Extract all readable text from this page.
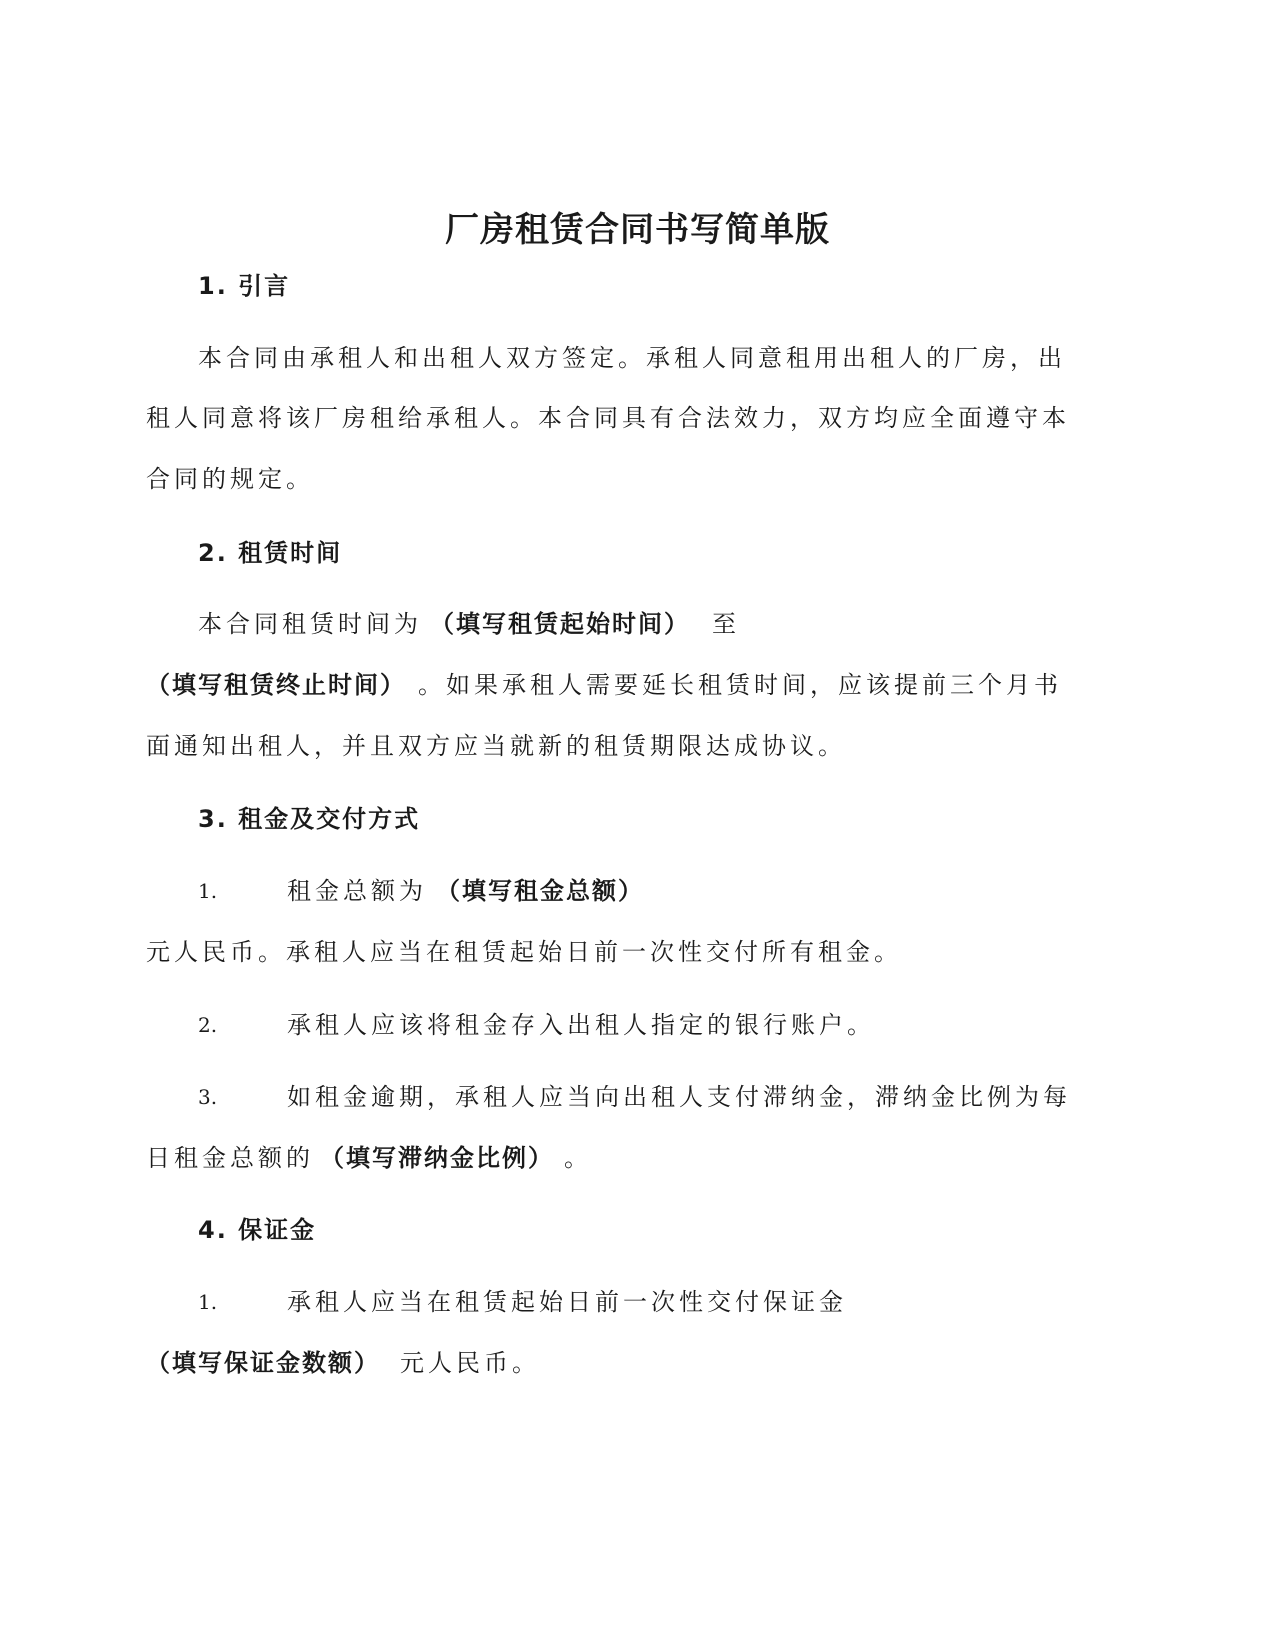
厂房租赁合同书写简单版
1. 引言
本合同由承租人和出租人双方签定。承租人同意租用出租人的厂房，出
租人同意将该厂房租给承租人。本合同具有合法效力，双方均应全面遵守本
合同的规定。
2. 租赁时间
本合同租赁时间为 （填写租赁起始时间） 至
（填写租赁终止时间） 。如果承租人需要延长租赁时间，应该提前三个月书
面通知出租人，并且双方应当就新的租赁期限达成协议。
3. 租金及交付方式
1.	租金总额为 （填写租金总额）
元人民币。承租人应当在租赁起始日前一次性交付所有租金。
2.	承租人应该将租金存入出租人指定的银行账户。
3.	如租金逾期，承租人应当向出租人支付滞纳金，滞纳金比例为每
日租金总额的 （填写滞纳金比例） 。
4. 保证金
1.	承租人应当在租赁起始日前一次性交付保证金
（填写保证金数额） 元人民币。
